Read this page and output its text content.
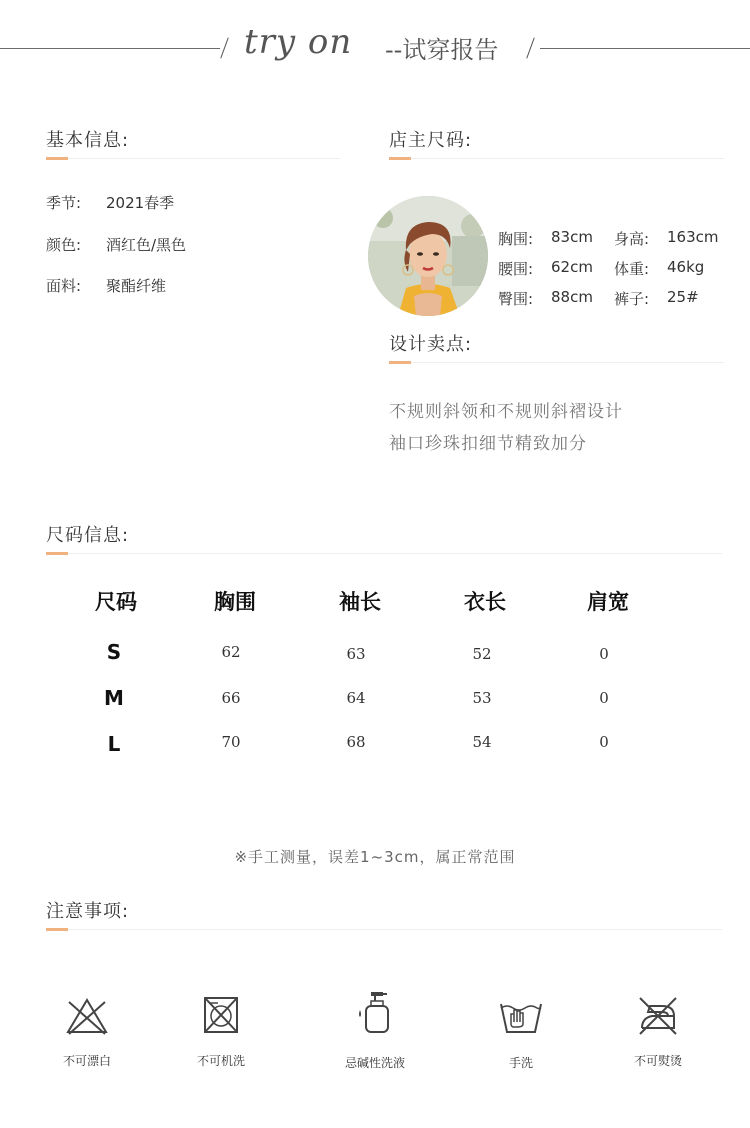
try on --试穿报告
基本信息:
季节: 2021春季
颜色: 酒红色/黑色
面料: 聚酯纤维
店主尺码:
胸围: 83cm 身高: 163cm
腰围: 62cm 体重: 46kg
臀围: 88cm 裤子: 25#
设计卖点:
不规则斜领和不规则斜褶设计
袖口珍珠扣细节精致加分
尺码信息:
尺码	胸围	袖长	衣长	肩宽
S	62	63	52	0
M	66	64	53	0
L	70	68	54	0
※手工测量，误差1~3cm，属正常范围
注意事项:
不可漂白	不可机洗	忌碱性洗液	手洗	不可熨烫
